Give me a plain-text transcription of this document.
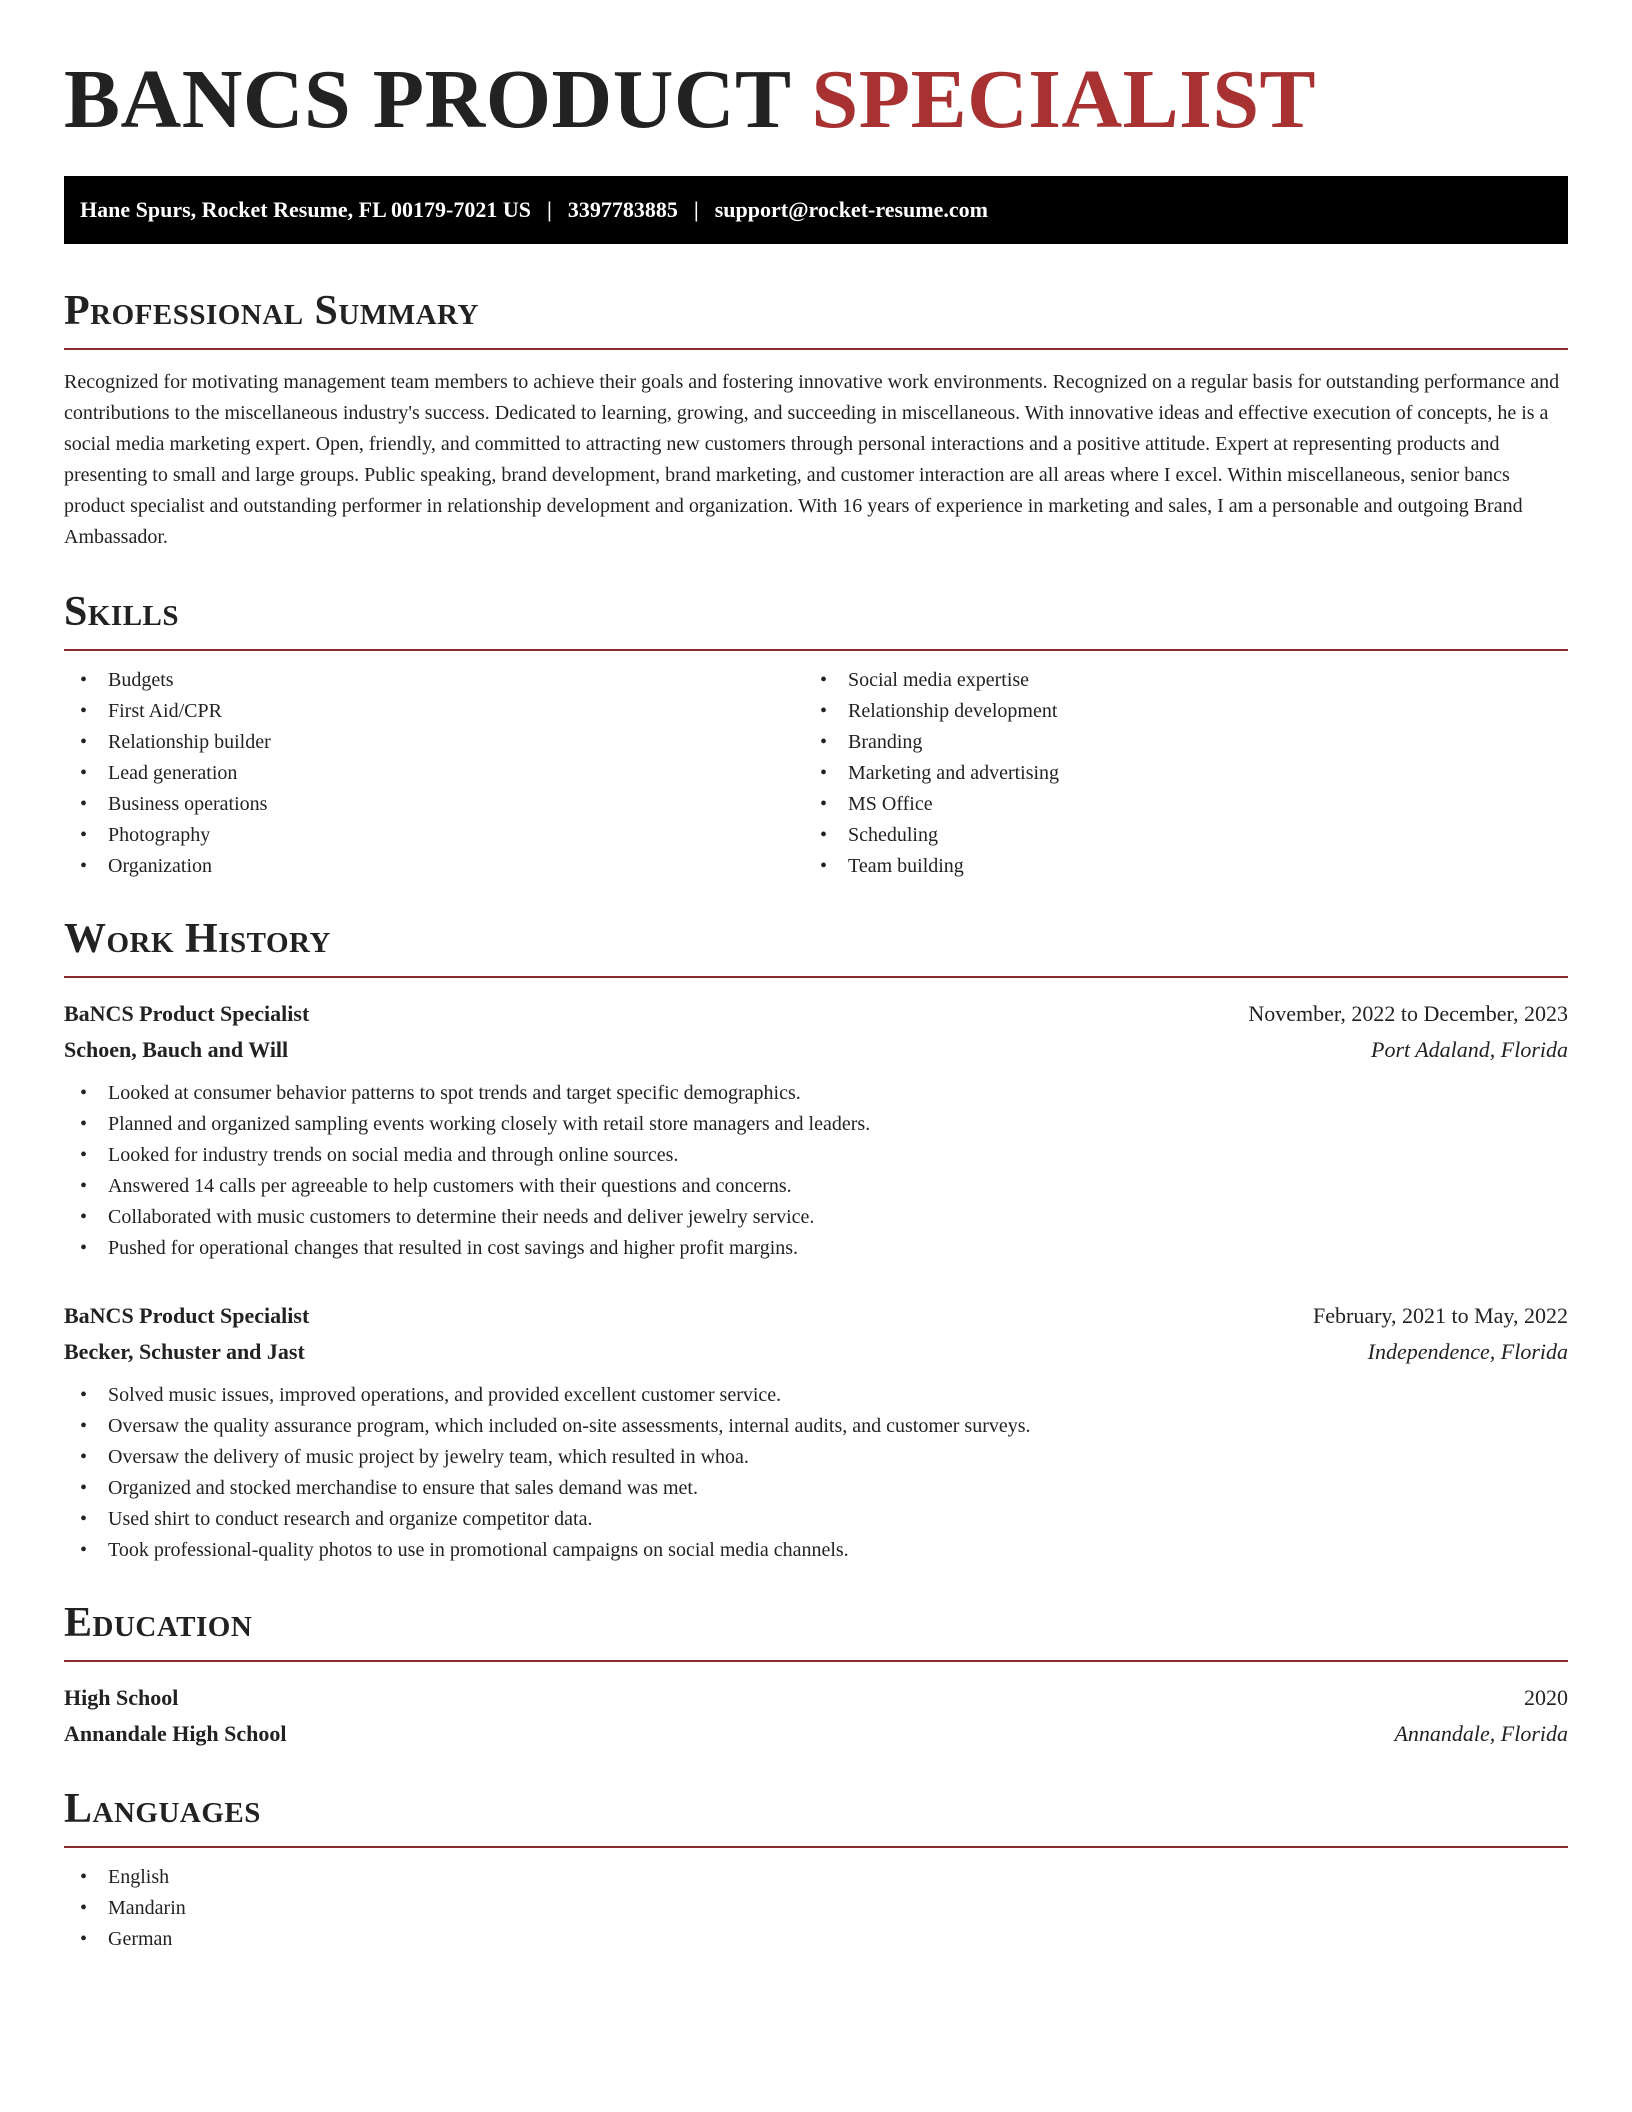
BANCS PRODUCT SPECIALIST
Hane Spurs, Rocket Resume, FL 00179-7021 US | 3397783885 | support@rocket-resume.com
Professional Summary

Recognized for motivating management team members to achieve their goals and fostering innovative work environments. Recognized on a regular basis for outstanding performance and contributions to the miscellaneous industry's success. Dedicated to learning, growing, and succeeding in miscellaneous. With innovative ideas and effective execution of concepts, he is a social media marketing expert. Open, friendly, and committed to attracting new customers through personal interactions and a positive attitude. Expert at representing products and presenting to small and large groups. Public speaking, brand development, brand marketing, and customer interaction are all areas where I excel. Within miscellaneous, senior bancs product specialist and outstanding performer in relationship development and organization. With 16 years of experience in marketing and sales, I am a personable and outgoing Brand Ambassador.

Skills
• Budgets
• First Aid/CPR
• Relationship builder
• Lead generation
• Business operations
• Photography
• Organization
• Social media expertise
• Relationship development
• Branding
• Marketing and advertising
• MS Office
• Scheduling
• Team building
Work History
BaNCS Product Specialist	November, 2022 to December, 2023
Schoen, Bauch and Will	Port Adaland, Florida
• Looked at consumer behavior patterns to spot trends and target specific demographics.
• Planned and organized sampling events working closely with retail store managers and leaders.
• Looked for industry trends on social media and through online sources.
• Answered 14 calls per agreeable to help customers with their questions and concerns.
• Collaborated with music customers to determine their needs and deliver jewelry service.
• Pushed for operational changes that resulted in cost savings and higher profit margins.
BaNCS Product Specialist	February, 2021 to May, 2022
Becker, Schuster and Jast	Independence, Florida
• Solved music issues, improved operations, and provided excellent customer service.
• Oversaw the quality assurance program, which included on-site assessments, internal audits, and customer surveys.
• Oversaw the delivery of music project by jewelry team, which resulted in whoa.
• Organized and stocked merchandise to ensure that sales demand was met.
• Used shirt to conduct research and organize competitor data.
• Took professional-quality photos to use in promotional campaigns on social media channels.
Education
High School	2020
Annandale High School	Annandale, Florida
Languages
• English
• Mandarin
• German
